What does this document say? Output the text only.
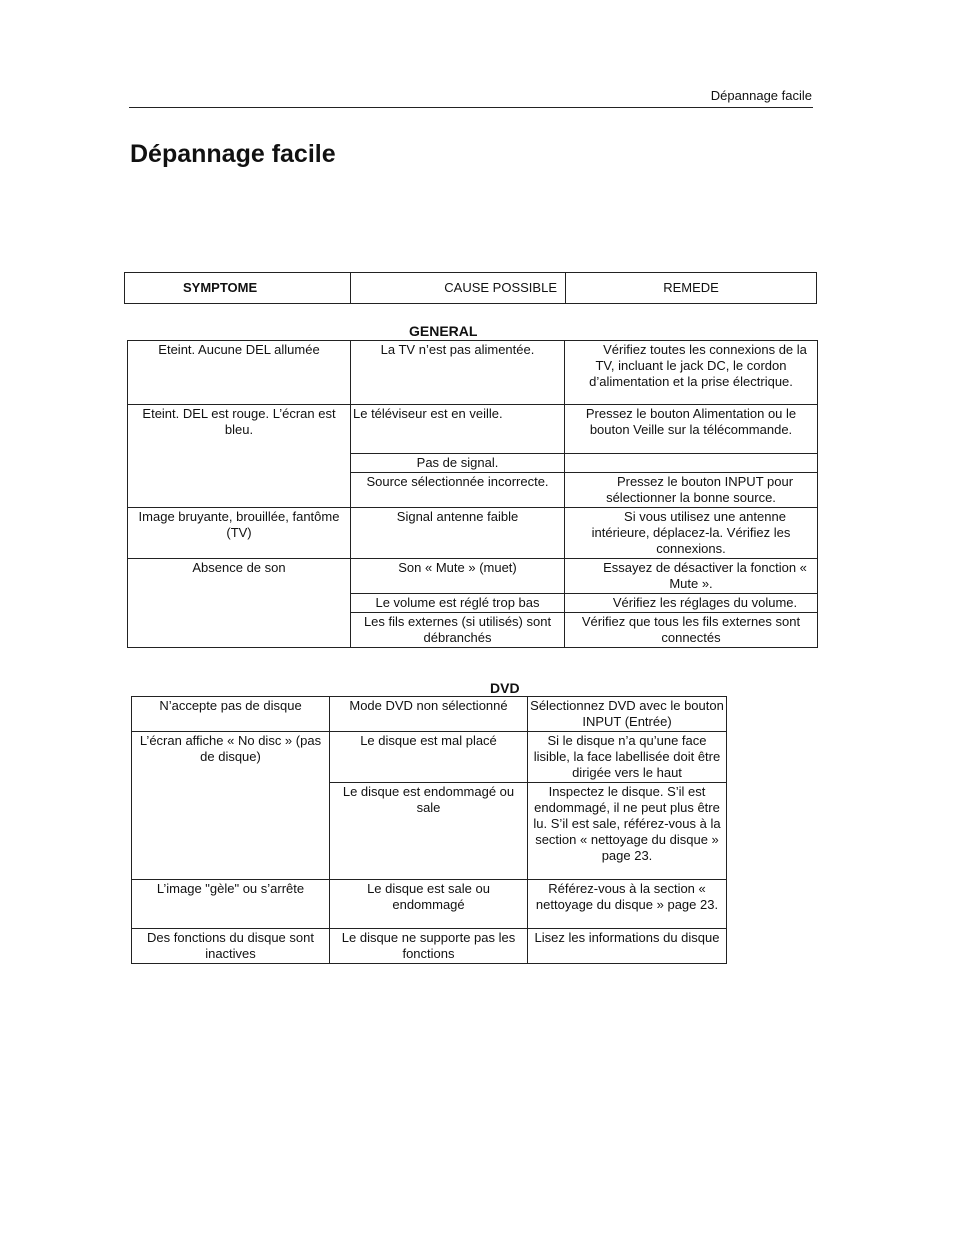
Dépannage facile
Dépannage facile
SYMPTOME	CAUSE POSSIBLE	REMEDE
GENERAL
Eteint. Aucune DEL allumée	La TV n’est pas alimentée.	Vérifiez toutes les connexions de la TV, incluant le jack DC, le cordon d’alimentation et la prise électrique.
Eteint. DEL est rouge. L’écran est bleu.	Le téléviseur est en veille.	Pressez le bouton Alimentation ou le bouton Veille sur la télécommande.
	Pas de signal.	
	Source sélectionnée incorrecte.	Pressez le bouton INPUT pour sélectionner la bonne source.
Image bruyante, brouillée, fantôme (TV)	Signal antenne faible	Si vous utilisez une antenne intérieure, déplacez-la. Vérifiez les connexions.
Absence de son	Son « Mute » (muet)	Essayez de désactiver la fonction « Mute ».
	Le volume est réglé trop bas	Vérifiez les réglages du volume.
	Les fils externes (si utilisés) sont débranchés	Vérifiez que tous les fils externes sont connectés
DVD
N’accepte pas de disque	Mode DVD non sélectionné	Sélectionnez DVD avec le bouton INPUT (Entrée)
L’écran affiche « No disc » (pas de disque)	Le disque est mal placé	Si le disque n’a qu’une face lisible, la face labellisée doit être dirigée vers le haut
	Le disque est endommagé ou sale	Inspectez le disque. S’il est endommagé, il ne peut plus être lu. S’il est sale, référez-vous à la section « nettoyage du disque » page 23.
L’image "gèle" ou s’arrête	Le disque est sale ou endommagé	Référez-vous à la section « nettoyage du disque » page 23.
Des fonctions du disque sont inactives	Le disque ne supporte pas les fonctions	Lisez les informations du disque
